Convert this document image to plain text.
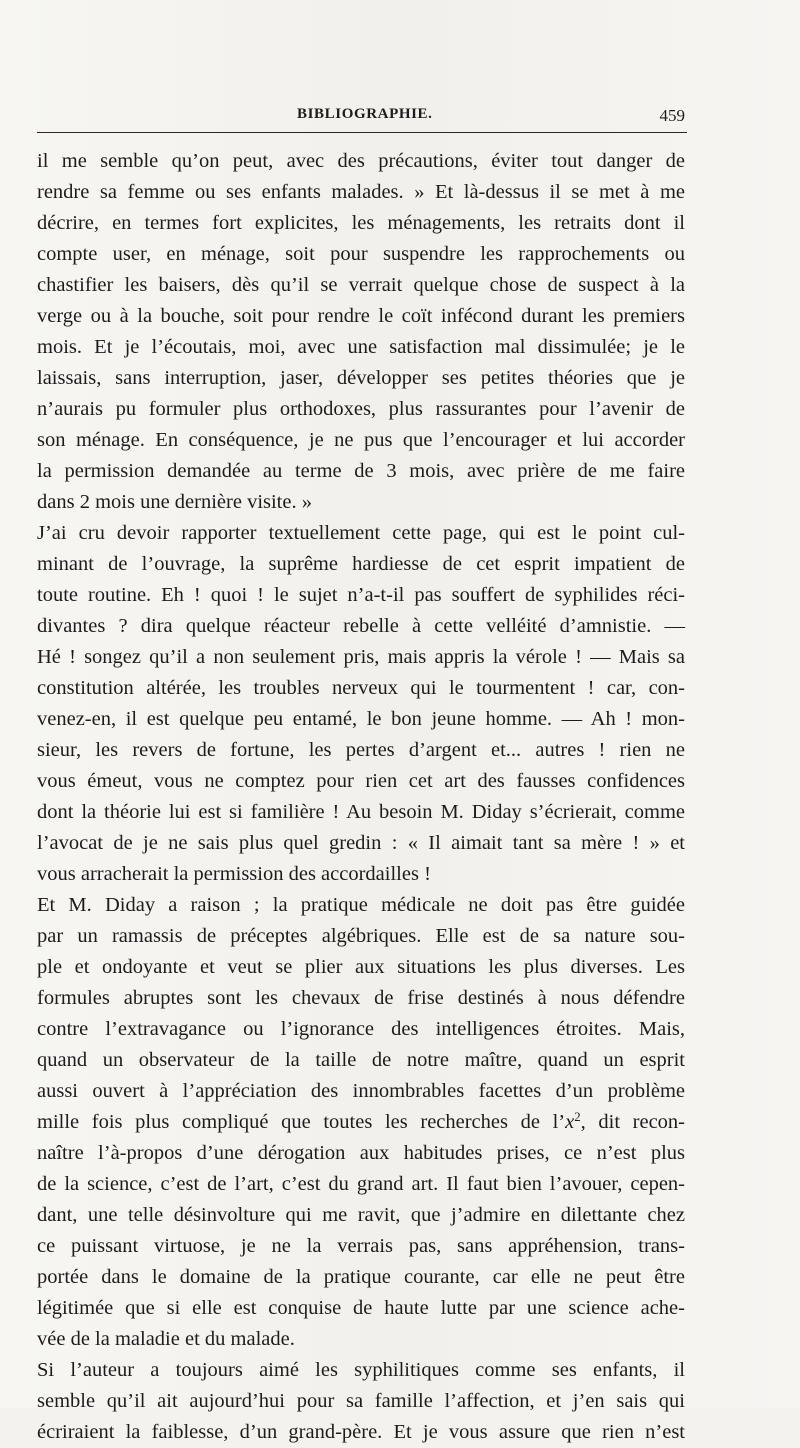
BIBLIOGRAPHIE.	459
il me semble qu’on peut, avec des précautions, éviter tout danger de
rendre sa femme ou ses enfants malades. » Et là-dessus il se met à me
décrire, en termes fort explicites, les ménagements, les retraits dont il
compte user, en ménage, soit pour suspendre les rapprochements ou
chastifier les baisers, dès qu’il se verrait quelque chose de suspect à la
verge ou à la bouche, soit pour rendre le coït infécond durant les premiers
mois. Et je l’écoutais, moi, avec une satisfaction mal dissimulée; je le
laissais, sans interruption, jaser, développer ses petites théories que je
n’aurais pu formuler plus orthodoxes, plus rassurantes pour l’avenir de
son ménage. En conséquence, je ne pus que l’encourager et lui accorder
la permission demandée au terme de 3 mois, avec prière de me faire
dans 2 mois une dernière visite. »
J’ai cru devoir rapporter textuellement cette page, qui est le point cul-
minant de l’ouvrage, la suprême hardiesse de cet esprit impatient de
toute routine. Eh ! quoi ! le sujet n’a-t-il pas souffert de syphilides réci-
divantes ? dira quelque réacteur rebelle à cette velléité d’amnistie. —
Hé ! songez qu’il a non seulement pris, mais appris la vérole ! — Mais sa
constitution altérée, les troubles nerveux qui le tourmentent ! car, con-
venez-en, il est quelque peu entamé, le bon jeune homme. — Ah ! mon-
sieur, les revers de fortune, les pertes d’argent et... autres ! rien ne
vous émeut, vous ne comptez pour rien cet art des fausses confidences
dont la théorie lui est si familière ! Au besoin M. Diday s’écrierait, comme
l’avocat de je ne sais plus quel gredin : « Il aimait tant sa mère ! » et
vous arracherait la permission des accordailles !
Et M. Diday a raison ; la pratique médicale ne doit pas être guidée
par un ramassis de préceptes algébriques. Elle est de sa nature sou-
ple et ondoyante et veut se plier aux situations les plus diverses. Les
formules abruptes sont les chevaux de frise destinés à nous défendre
contre l’extravagance ou l’ignorance des intelligences étroites. Mais,
quand un observateur de la taille de notre maître, quand un esprit
aussi ouvert à l’appréciation des innombrables facettes d’un problème
mille fois plus compliqué que toutes les recherches de $l’x^2$, dit recon-
naître l’à-propos d’une dérogation aux habitudes prises, ce n’est plus
de la science, c’est de l’art, c’est du grand art. Il faut bien l’avouer, cepen-
dant, une telle désinvolture qui me ravit, que j’admire en dilettante chez
ce puissant virtuose, je ne la verrais pas, sans appréhension, trans-
portée dans le domaine de la pratique courante, car elle ne peut être
légitimée que si elle est conquise de haute lutte par une science ache-
vée de la maladie et du malade.
Si l’auteur a toujours aimé les syphilitiques comme ses enfants, il
semble qu’il ait aujourd’hui pour sa famille l’affection, et j’en sais qui
écriraient la faiblesse, d’un grand-père. Et je vous assure que rien n’est
